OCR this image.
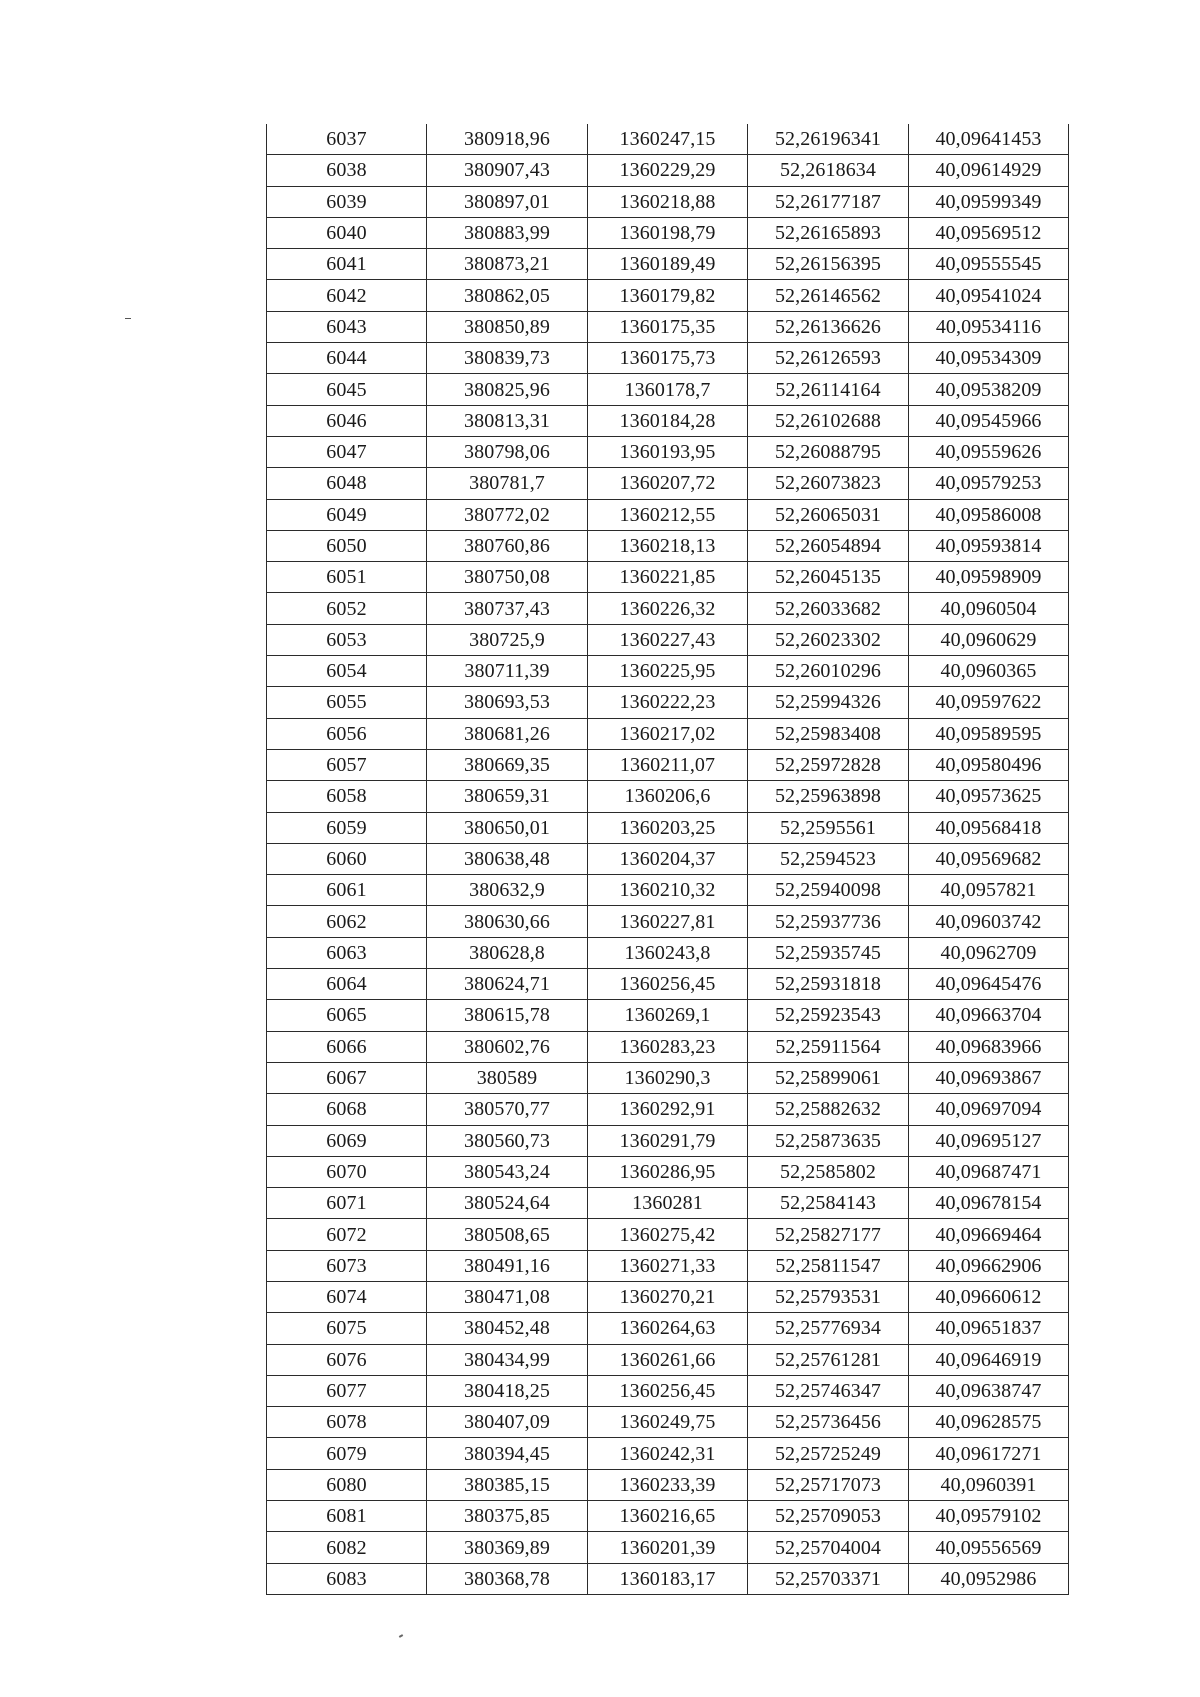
6037	380918,96	1360247,15	52,26196341	40,09641453
6038	380907,43	1360229,29	52,2618634	40,09614929
6039	380897,01	1360218,88	52,26177187	40,09599349
6040	380883,99	1360198,79	52,26165893	40,09569512
6041	380873,21	1360189,49	52,26156395	40,09555545
6042	380862,05	1360179,82	52,26146562	40,09541024
6043	380850,89	1360175,35	52,26136626	40,09534116
6044	380839,73	1360175,73	52,26126593	40,09534309
6045	380825,96	1360178,7	52,26114164	40,09538209
6046	380813,31	1360184,28	52,26102688	40,09545966
6047	380798,06	1360193,95	52,26088795	40,09559626
6048	380781,7	1360207,72	52,26073823	40,09579253
6049	380772,02	1360212,55	52,26065031	40,09586008
6050	380760,86	1360218,13	52,26054894	40,09593814
6051	380750,08	1360221,85	52,26045135	40,09598909
6052	380737,43	1360226,32	52,26033682	40,0960504
6053	380725,9	1360227,43	52,26023302	40,0960629
6054	380711,39	1360225,95	52,26010296	40,0960365
6055	380693,53	1360222,23	52,25994326	40,09597622
6056	380681,26	1360217,02	52,25983408	40,09589595
6057	380669,35	1360211,07	52,25972828	40,09580496
6058	380659,31	1360206,6	52,25963898	40,09573625
6059	380650,01	1360203,25	52,2595561	40,09568418
6060	380638,48	1360204,37	52,2594523	40,09569682
6061	380632,9	1360210,32	52,25940098	40,0957821
6062	380630,66	1360227,81	52,25937736	40,09603742
6063	380628,8	1360243,8	52,25935745	40,0962709
6064	380624,71	1360256,45	52,25931818	40,09645476
6065	380615,78	1360269,1	52,25923543	40,09663704
6066	380602,76	1360283,23	52,25911564	40,09683966
6067	380589	1360290,3	52,25899061	40,09693867
6068	380570,77	1360292,91	52,25882632	40,09697094
6069	380560,73	1360291,79	52,25873635	40,09695127
6070	380543,24	1360286,95	52,2585802	40,09687471
6071	380524,64	1360281	52,2584143	40,09678154
6072	380508,65	1360275,42	52,25827177	40,09669464
6073	380491,16	1360271,33	52,25811547	40,09662906
6074	380471,08	1360270,21	52,25793531	40,09660612
6075	380452,48	1360264,63	52,25776934	40,09651837
6076	380434,99	1360261,66	52,25761281	40,09646919
6077	380418,25	1360256,45	52,25746347	40,09638747
6078	380407,09	1360249,75	52,25736456	40,09628575
6079	380394,45	1360242,31	52,25725249	40,09617271
6080	380385,15	1360233,39	52,25717073	40,0960391
6081	380375,85	1360216,65	52,25709053	40,09579102
6082	380369,89	1360201,39	52,25704004	40,09556569
6083	380368,78	1360183,17	52,25703371	40,0952986
